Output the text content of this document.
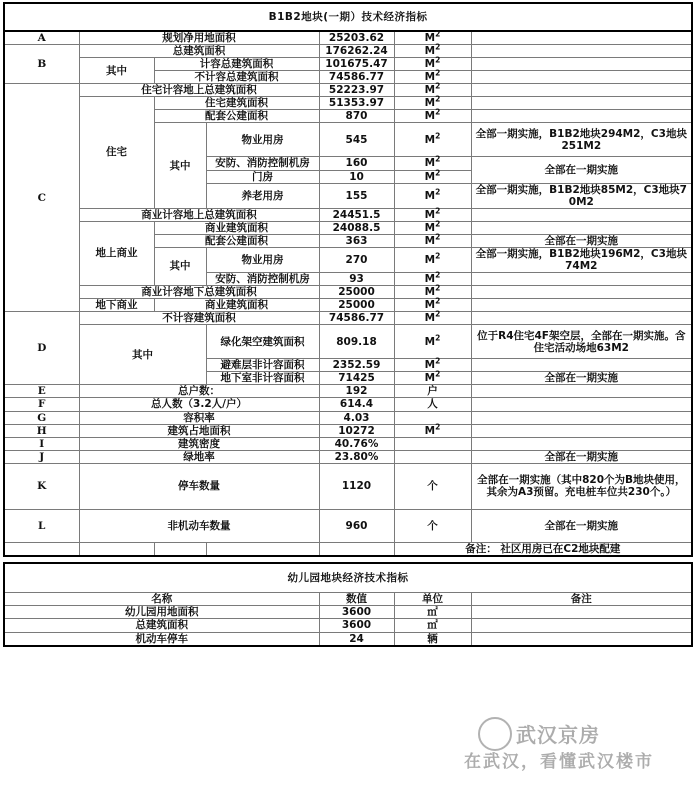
B1B2地块(一期）技术经济指标						
A	规划净用地面积			25203.62	$M^2$	
B	总建筑面积			176262.24	$M^2$	
	其中	计容总建筑面积		101675.47	$M^2$	
		不计容总建筑面积		74586.77	$M^2$	
C	住宅计容地上总建筑面积			52223.97	$M^2$	
	住宅	住宅建筑面积		51353.97	$M^2$	
		配套公建面积		870	$M^2$	
		其中	物业用房	545	$M^2$	全部一期实施，B1B2地块294M2，C3地块251M2
			安防、消防控制机房	160	$M^2$	全部在一期实施
			门房	10	$M^2$
			养老用房	155	$M^2$	全部一期实施，B1B2地块85M2，C3地块70M2
	商业计容地上总建筑面积			24451.5	$M^2$	
	地上商业	商业建筑面积		24088.5	$M^2$	
		配套公建面积		363	$M^2$	全部在一期实施
		其中	物业用房	270	$M^2$	全部一期实施，B1B2地块196M2，C3地块74M2
			安防、消防控制机房	93	$M^2$	
	商业计容地下总建筑面积			25000	$M^2$	
	地下商业	商业建筑面积		25000	$M^2$	
D	不计容建筑面积			74586.77	$M^2$	
	其中		绿化架空建筑面积	809.18	$M^2$	位于R4住宅4F架空层，全部在一期实施。含住宅活动场地63M2
			避难层非计容面积	2352.59	$M^2$	
			地下室非计容面积	71425	$M^2$	全部在一期实施
E	总户数：			192	户	
F	总人数（3.2人/户）			614.4	人	
G	容积率			4.03		
H	建筑占地面积			10272	$M^2$	
I	建筑密度			40.76%		
J	绿地率			23.80%		全部在一期实施
K	停车数量			1120	个	全部在一期实施（其中820个为B地块使用，其余为A3预留。充电桩车位共230个。）
L	非机动车数量			960	个	全部在一期实施
					备注： 社区用房已在C2地块配建	
幼儿园地块经济技术指标			
名称	数值	单位	备注
幼儿园用地面积	3600	㎡	
总建筑面积	3600	㎡	
机动车停车	24	辆	
武汉京房
在武汉，看懂武汉楼市
